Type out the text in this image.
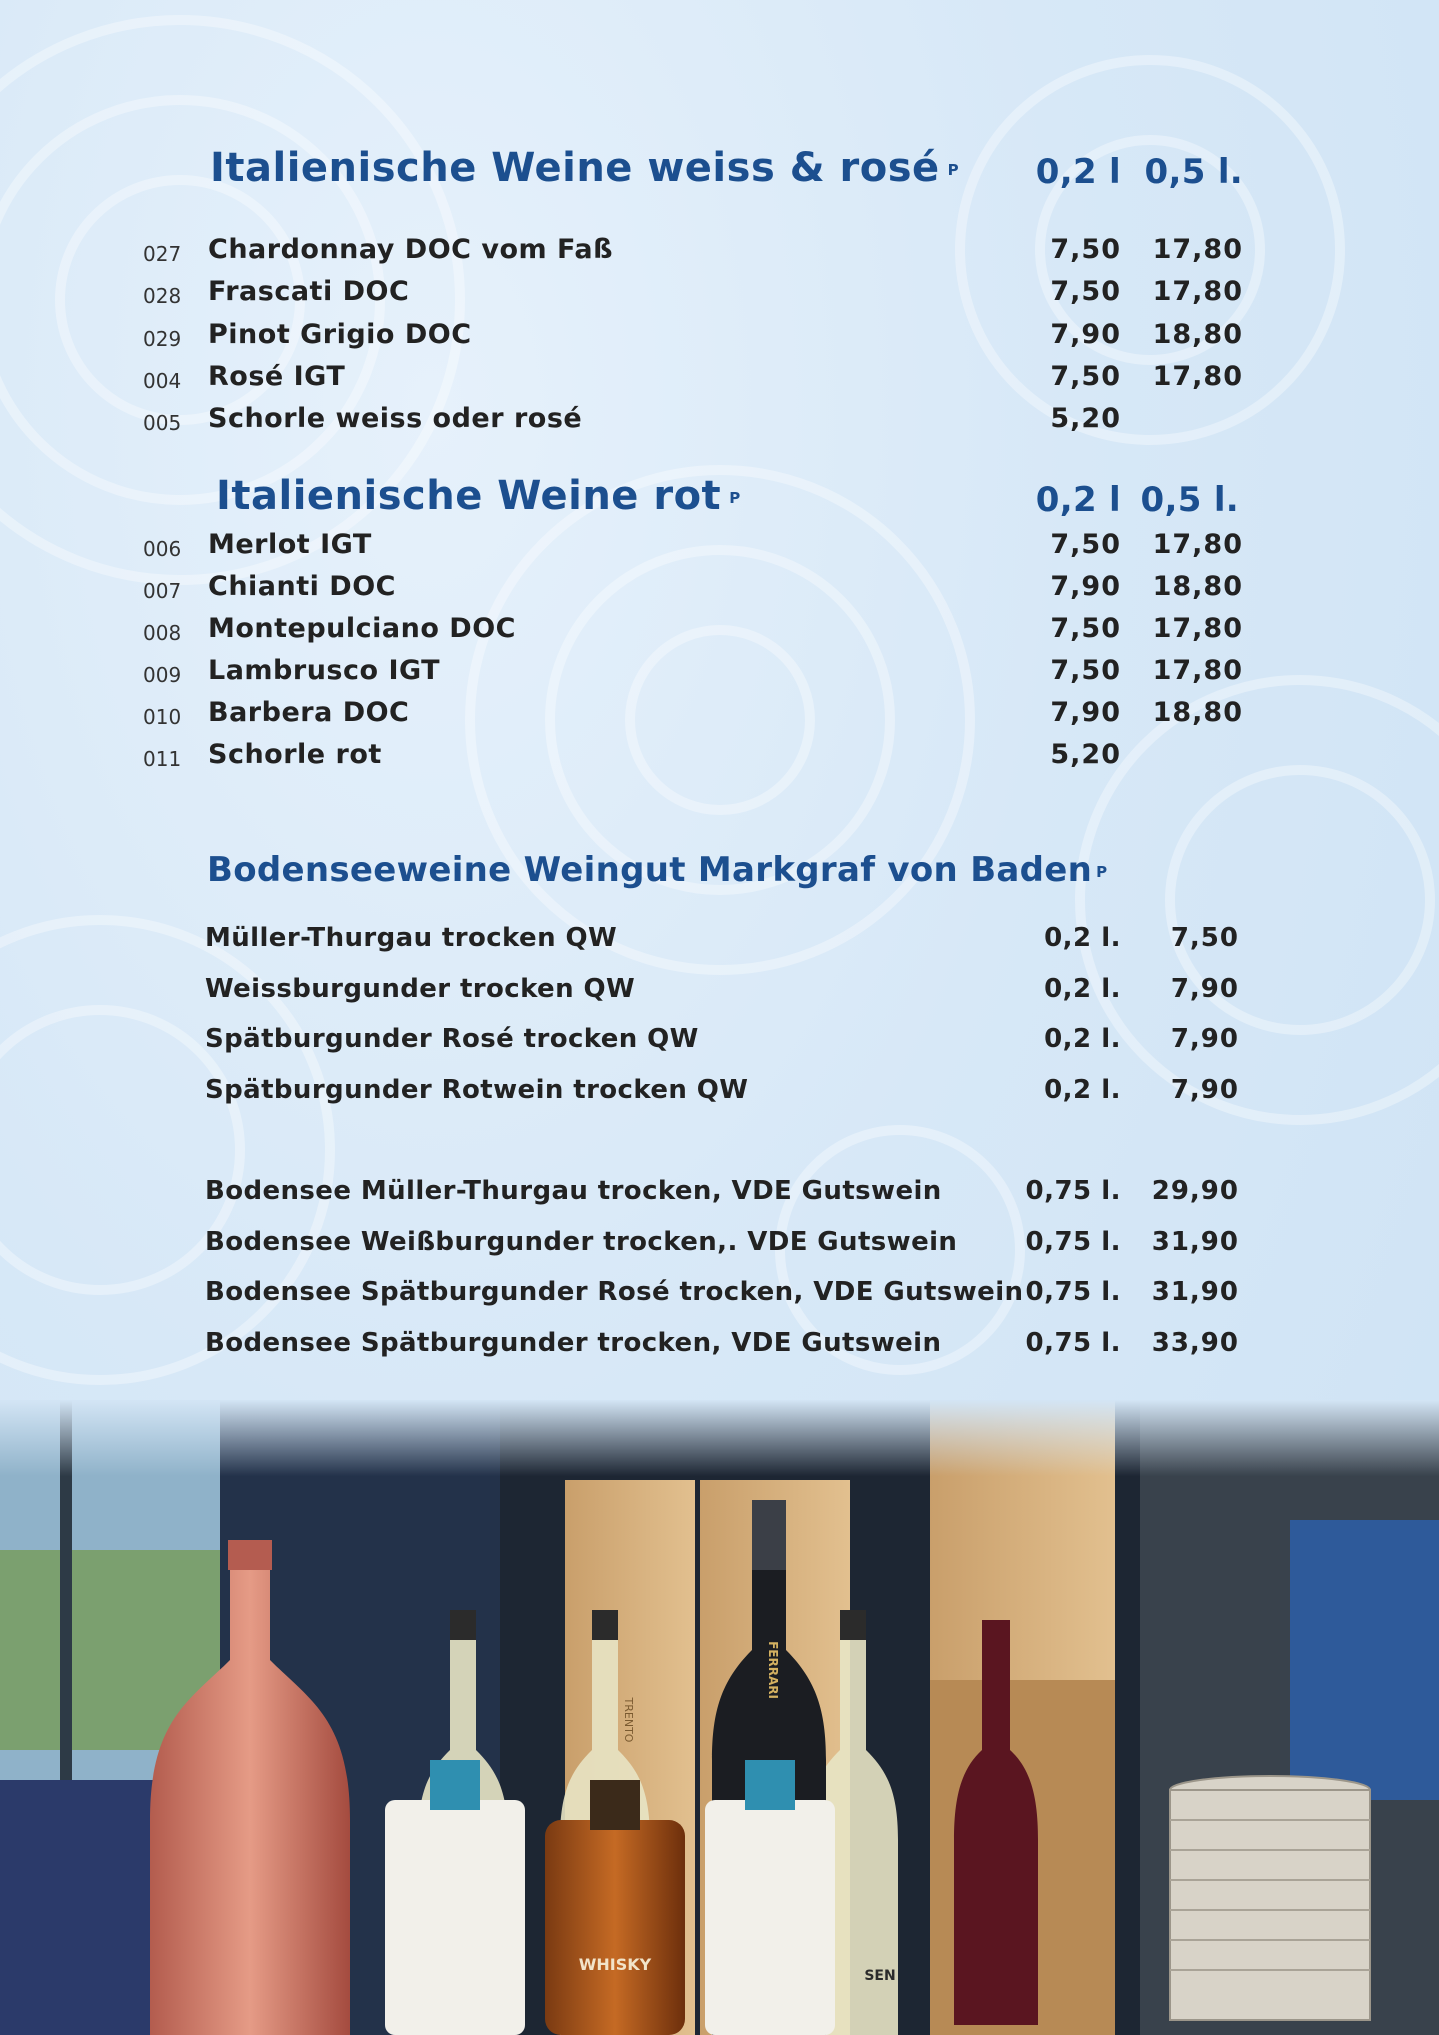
Italienische Weine weiss & rosé P 0,2 l 0,5 l.
027 Chardonnay DOC vom Faß	7,50 17,80
028 Frascati DOC	7,50 17,80
029 Pinot Grigio DOC	7,90 18,80
004 Rosé IGT	7,50 17,80
005 Schorle weiss oder rosé	5,20
Italienische Weine rot P	0,2 l 0,5 l.
006 Merlot IGT	7,50 17,80
007 Chianti DOC	7,90 18,80
008 Montepulciano DOC	7,50 17,80
009 Lambrusco IGT	7,50 17,80
010 Barbera DOC	7,90 18,80
011 Schorle rot	5,20
Bodenseeweine Weingut Markgraf von Baden P
Müller-Thurgau trocken QW	0,2 l. 7,50
Weissburgunder trocken QW	0,2 l. 7,90
Spätburgunder Rosé trocken QW	0,2 l. 7,90
Spätburgunder Rotwein trocken QW	0,2 l. 7,90
Bodensee Müller-Thurgau trocken, VDE Gutswein	0,75 l. 29,90
Bodensee Weißburgunder trocken,. VDE Gutswein	0,75 l. 31,90
Bodensee Spätburgunder Rosé trocken, VDE Gutswein 0,75 l. 31,90
Bodensee Spätburgunder trocken, VDE Gutswein	0,75 l. 33,90
